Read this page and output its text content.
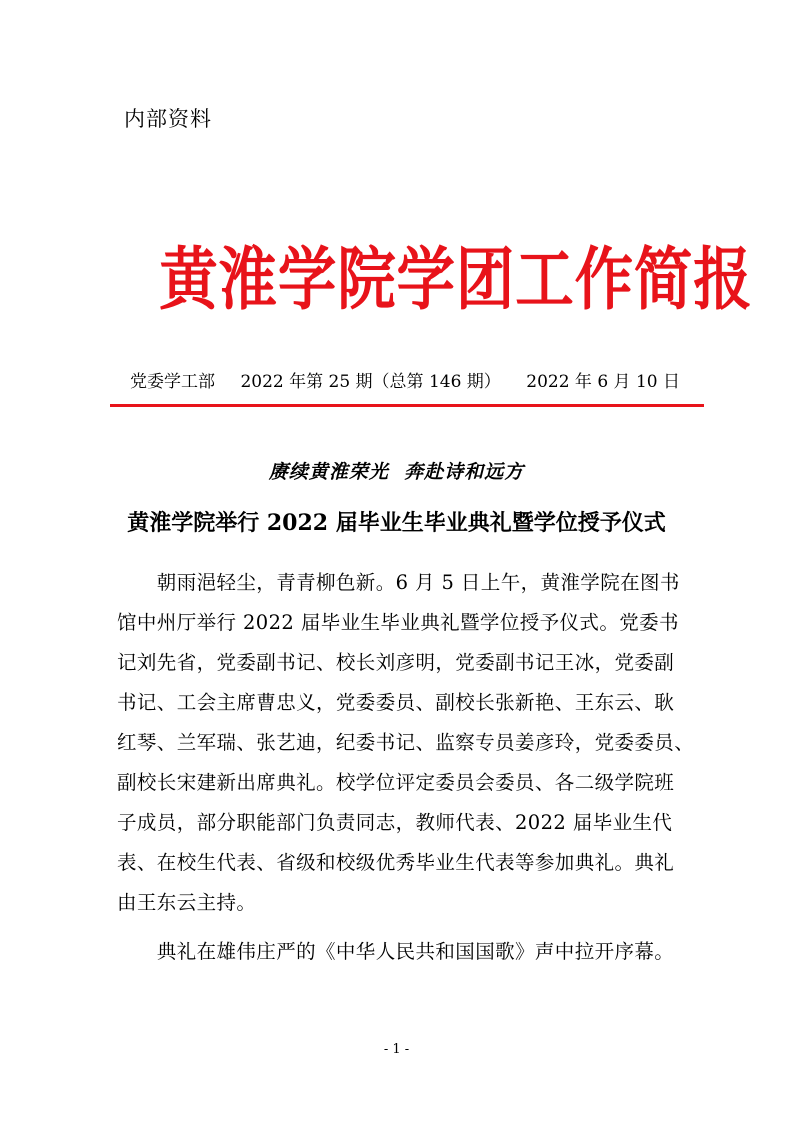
内部资料
黄淮学院学团工作简报
党委学工部 2022 年第 25 期（总第 146 期） 2022 年 6 月 10 日
赓续黄淮荣光  奔赴诗和远方
黄淮学院举行 2022 届毕业生毕业典礼暨学位授予仪式
　　朝雨浥轻尘，青青柳色新。6 月 5 日上午，黄淮学院在图书
馆中州厅举行 2022 届毕业生毕业典礼暨学位授予仪式。党委书
记刘先省，党委副书记、校长刘彦明，党委副书记王冰，党委副
书记、工会主席曹忠义，党委委员、副校长张新艳、王东云、耿
红琴、兰军瑞、张艺迪，纪委书记、监察专员姜彦玲，党委委员、
副校长宋建新出席典礼。校学位评定委员会委员、各二级学院班
子成员，部分职能部门负责同志，教师代表、2022 届毕业生代
表、在校生代表、省级和校级优秀毕业生代表等参加典礼。典礼
由王东云主持。
　　典礼在雄伟庄严的《中华人民共和国国歌》声中拉开序幕。
- 1 -
